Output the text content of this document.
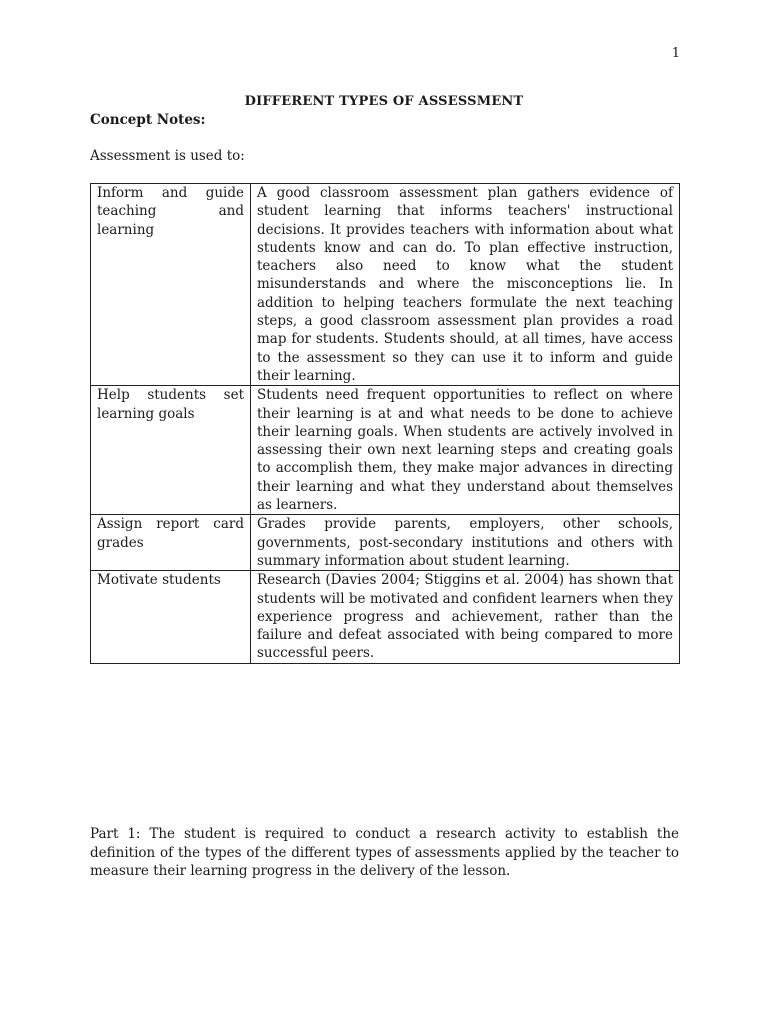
1
DIFFERENT TYPES OF ASSESSMENT
Concept Notes:
Assessment is used to:
Inform and guide teaching and learning	A good classroom assessment plan gathers evidence of student learning that informs teachers' instructional decisions. It provides teachers with information about what students know and can do. To plan effective instruction, teachers also need to know what the student misunderstands and where the misconceptions lie. In addition to helping teachers formulate the next teaching steps, a good classroom assessment plan provides a road map for students. Students should, at all times, have access to the assessment so they can use it to inform and guide their learning.
Help students set learning goals	Students need frequent opportunities to reflect on where their learning is at and what needs to be done to achieve their learning goals. When students are actively involved in assessing their own next learning steps and creating goals to accomplish them, they make major advances in directing their learning and what they understand about themselves as learners.
Assign report card grades	Grades provide parents, employers, other schools, governments, post-secondary institutions and others with summary information about student learning.
Motivate students	Research (Davies 2004; Stiggins et al. 2004) has shown that students will be motivated and confident learners when they experience progress and achievement, rather than the failure and defeat associated with being compared to more successful peers.
Part 1: The student is required to conduct a research activity to establish the definition of the types of the different types of assessments applied by the teacher to measure their learning progress in the delivery of the lesson.
